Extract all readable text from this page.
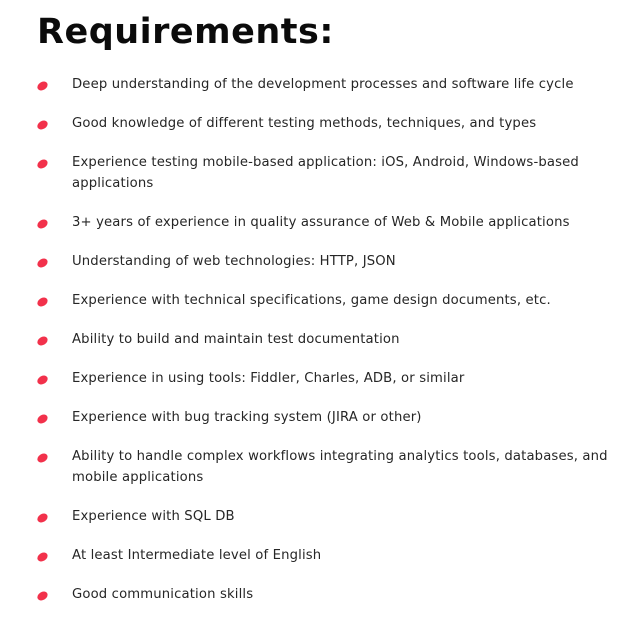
Requirements:
Deep understanding of the development processes and software life cycle
Good knowledge of different testing methods, techniques, and types
Experience testing mobile-based application: iOS, Android, Windows-based applications
3+ years of experience in quality assurance of Web & Mobile applications
Understanding of web technologies: HTTP, JSON
Experience with technical specifications, game design documents, etc.
Ability to build and maintain test documentation
Experience in using tools: Fiddler, Charles, ADB, or similar
Experience with bug tracking system (JIRA or other)
Ability to handle complex workflows integrating analytics tools, databases, and mobile applications
Experience with SQL DB
At least Intermediate level of English
Good communication skills
